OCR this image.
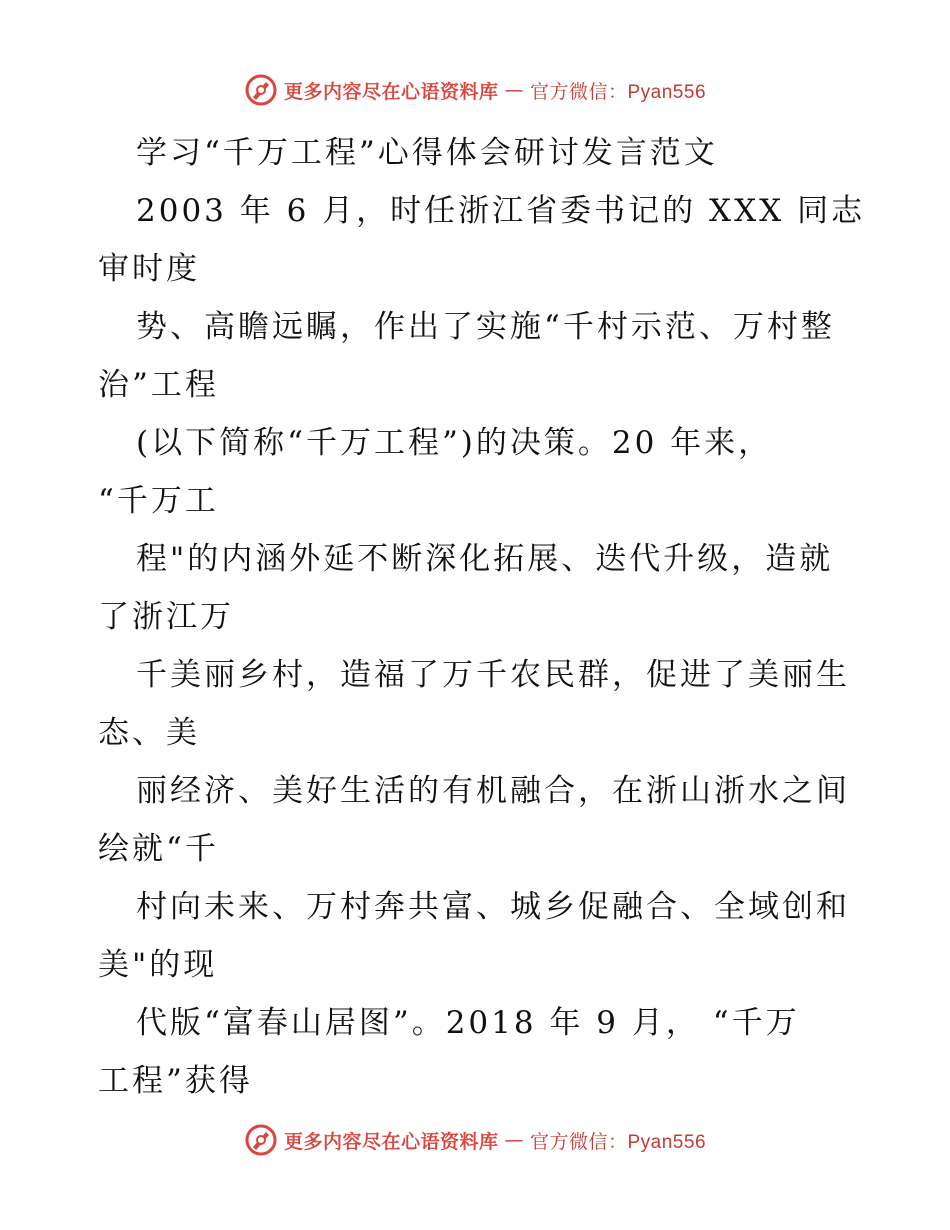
更多内容尽在心语资料库 — 官方微信：Pyan556
学习“千万工程”心得体会研讨发言范文
2003 年 6 月，时任浙江省委书记的 XXX 同志
审时度
势、高瞻远瞩，作出了实施“千村示范、万村整
治”工程
(以下简称“千万工程”)的决策。20 年来，
“千万工
程"的内涵外延不断深化拓展、迭代升级，造就
了浙江万
千美丽乡村，造福了万千农民群，促进了美丽生
态、美
丽经济、美好生活的有机融合，在浙山浙水之间
绘就“千
村向未来、万村奔共富、城乡促融合、全域创和
美"的现
代版“富春山居图”。2018 年 9 月， “千万
工程”获得
更多内容尽在心语资料库 — 官方微信：Pyan556
